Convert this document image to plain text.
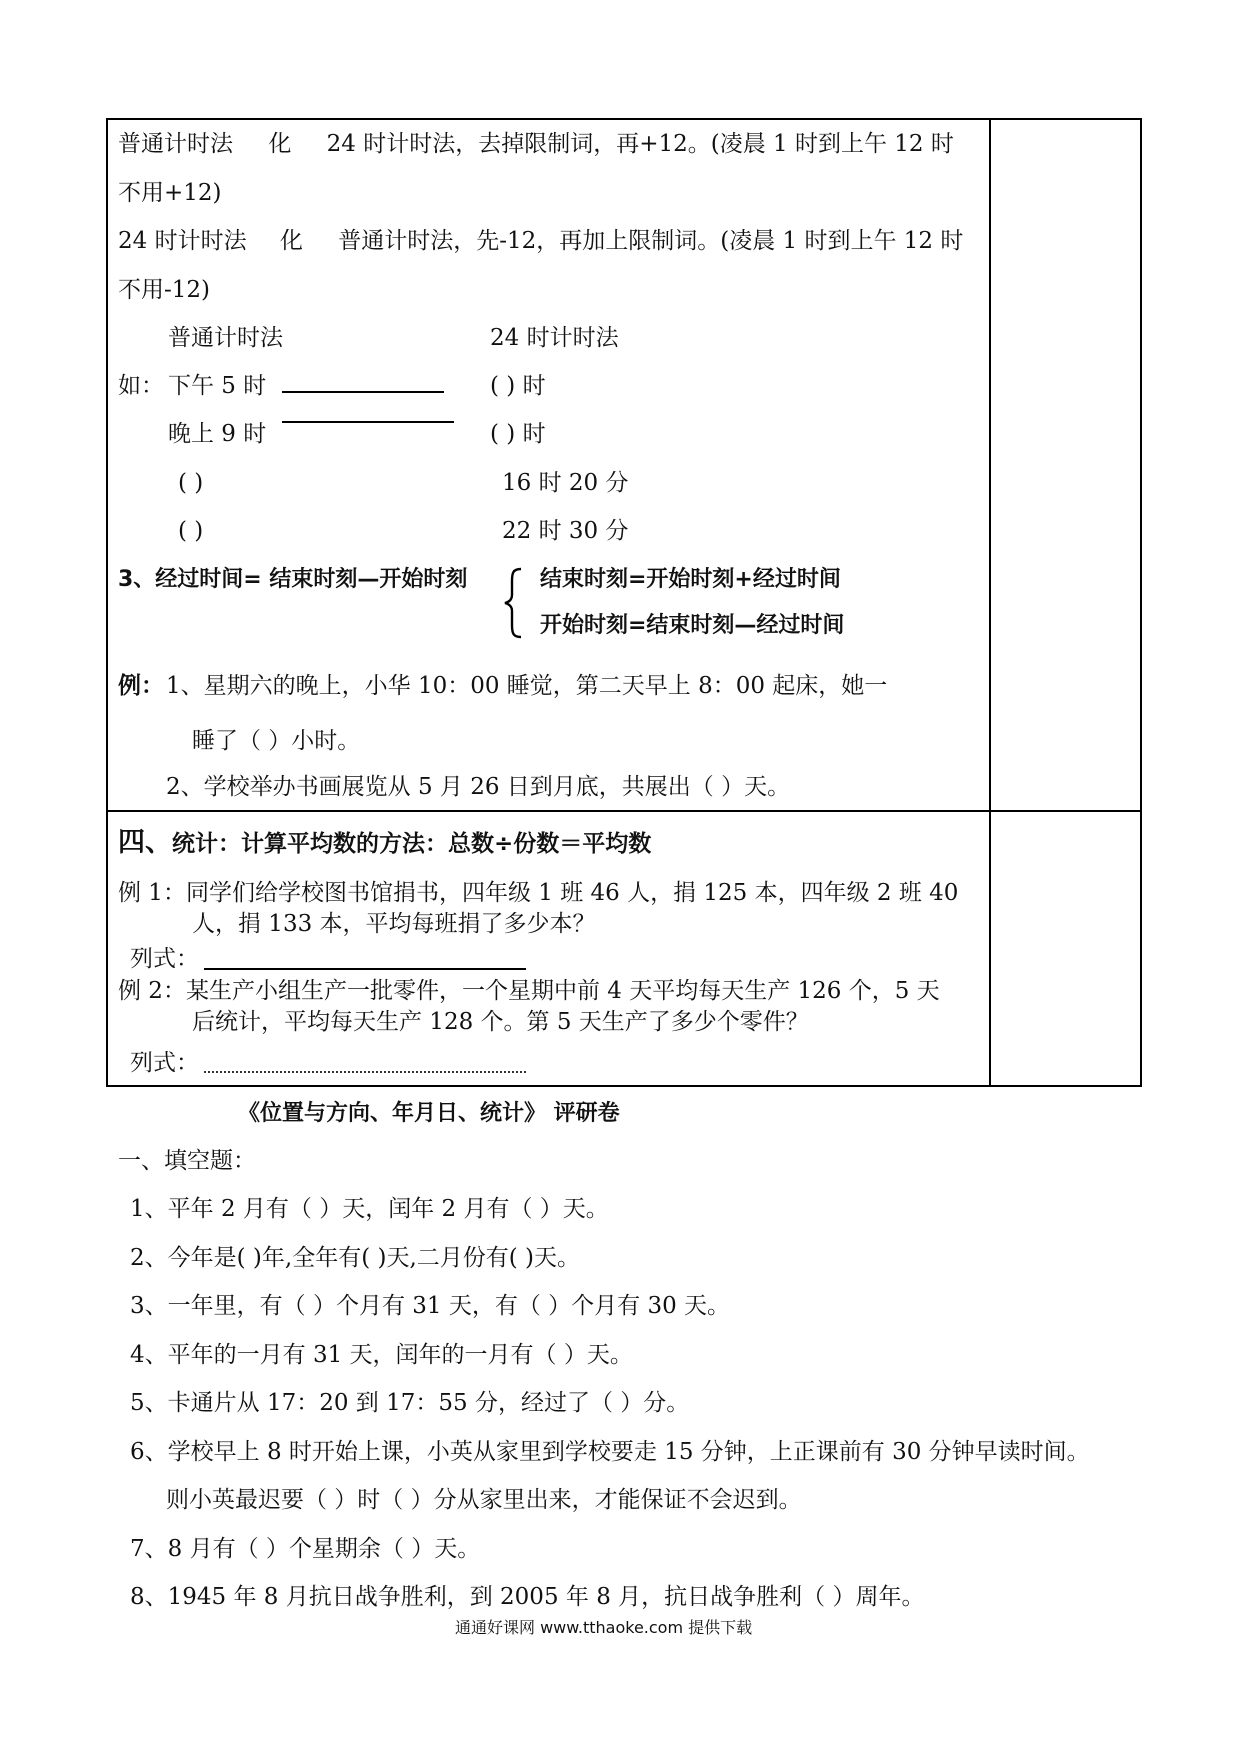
普通计时法 化 24 时计时法，去掉限制词，再+12。(凌晨 1 时到上午 12 时
不用+12)
24 时计时法 化 普通计时法，先-12，再加上限制词。(凌晨 1 时到上午 12 时
不用-12)
普通计时法	24 时计时法
如： 下午 5 时	( ) 时
晚上 9 时	( ) 时
( )	16 时 20 分
( )	22 时 30 分
3、经过时间= 结束时刻—开始时刻	结束时刻=开始时刻+经过时间
开始时刻=结束时刻—经过时间
例： 1、星期六的晚上，小华 10：00 睡觉，第二天早上 8：00 起床，她一
睡了（ ）小时。
2、学校举办书画展览从 5 月 26 日到月底，共展出（ ）天。
四、统计：计算平均数的方法：总数÷份数＝平均数
例 1：同学们给学校图书馆捐书，四年级 1 班 46 人，捐 125 本，四年级 2 班 40
人，捐 133 本，平均每班捐了多少本？
列式：
例 2：某生产小组生产一批零件，一个星期中前 4 天平均每天生产 126 个，5 天
后统计，平均每天生产 128 个。第 5 天生产了多少个零件？
列式：
《位置与方向、年月日、统计》 评研卷
一、填空题：
1、平年 2 月有（ ）天，闰年 2 月有（ ）天。
2、今年是( )年,全年有( )天,二月份有( )天。
3、一年里，有（ ）个月有 31 天，有（ ）个月有 30 天。
4、平年的一月有 31 天，闰年的一月有（ ）天。
5、卡通片从 17：20 到 17：55 分，经过了（ ）分。
6、学校早上 8 时开始上课，小英从家里到学校要走 15 分钟，上正课前有 30 分钟早读时间。
则小英最迟要（ ）时（ ）分从家里出来，才能保证不会迟到。
7、8 月有（ ）个星期余（ ）天。
8、1945 年 8 月抗日战争胜利，到 2005 年 8 月，抗日战争胜利（ ）周年。
通通好课网 www.tthaoke.com 提供下载
